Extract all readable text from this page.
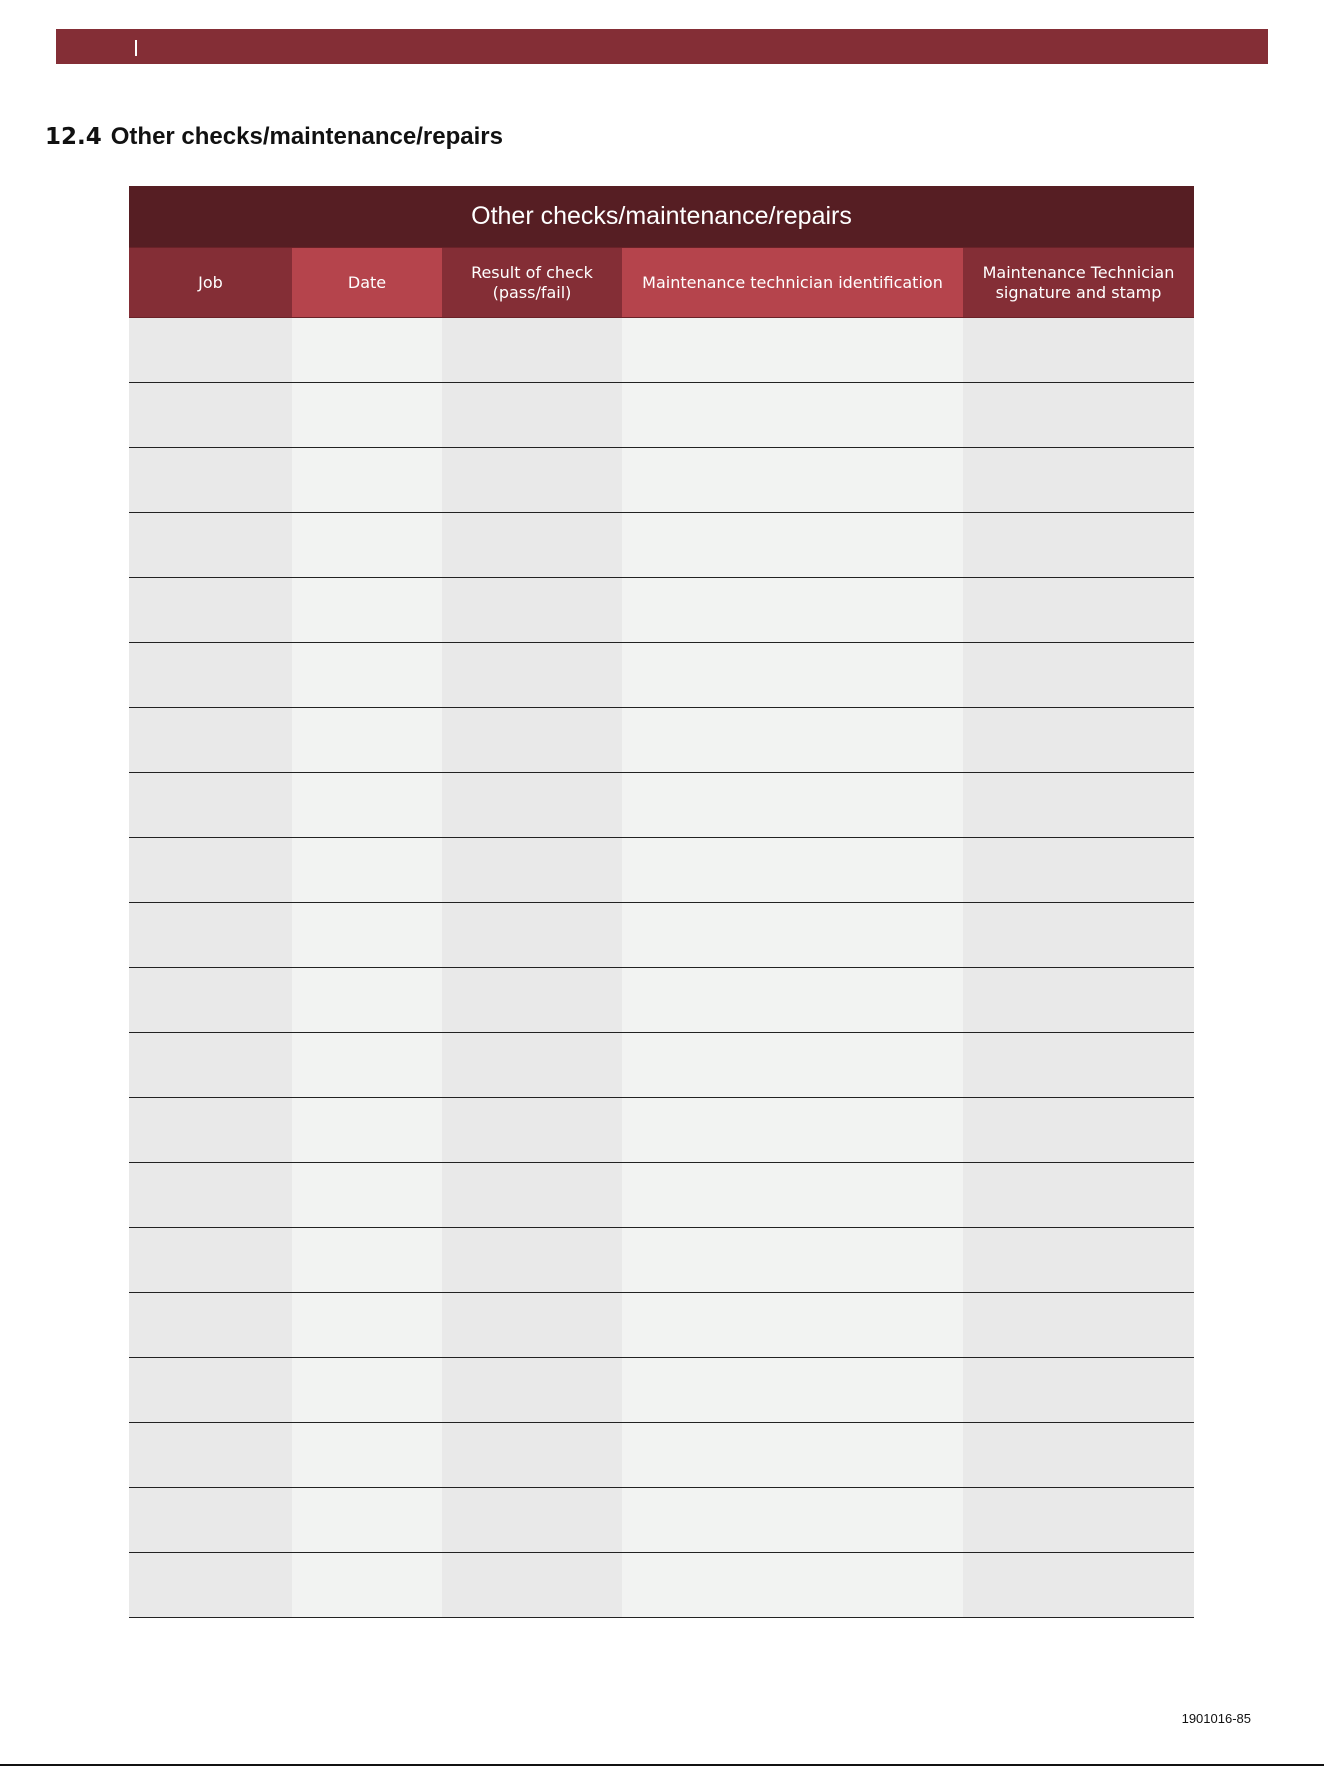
12.4 Other checks/maintenance/repairs
Other checks/maintenance/repairs
Job	Date
Result of check
(pass/fail)
Maintenance technician identification
Maintenance Technician
signature and stamp
1901016-85
